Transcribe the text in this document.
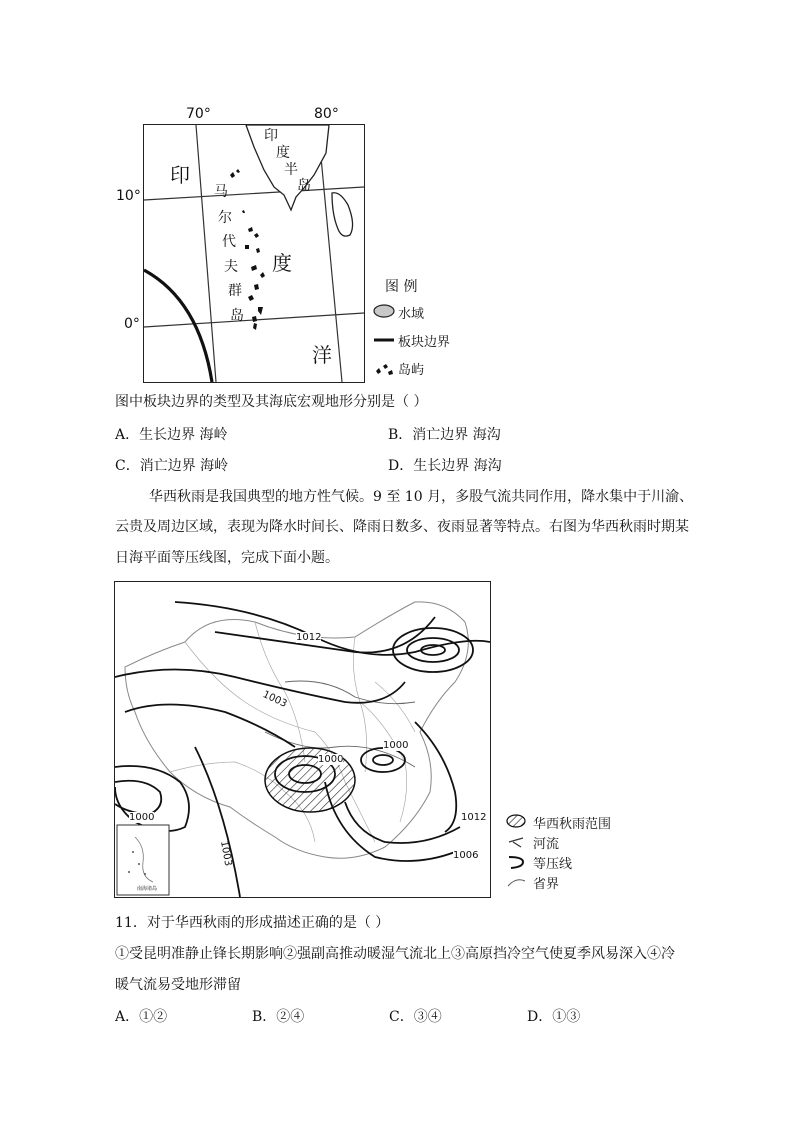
70°	80°
10°
0°
印
度
洋
印
度
半
岛
马
尔
代
夫
群
岛
图 例
水域
板块边界
岛屿
图中板块边界的类型及其海底宏观地形分别是（ ）
A．生长边界 海岭	B．消亡边界 海沟
C．消亡边界 海岭	D．生长边界 海沟
华西秋雨是我国典型的地方性气候。9 至 10 月，多股气流共同作用，降水集中于川渝、
云贵及周边区域，表现为降水时间长、降雨日数多、夜雨显著等特点。右图为华西秋雨时期某
日海平面等压线图，完成下面小题。
1012
1003
1000
1000
1000	1012
1006
1003
南海诸岛
华西秋雨范围
河流
等压线
省界
11．对于华西秋雨的形成描述正确的是（ ）
①受昆明准静止锋长期影响②强副高推动暖湿气流北上③高原挡冷空气使夏季风易深入④冷
暖气流易受地形滞留
A．①②	B．②④	C．③④	D．①③
